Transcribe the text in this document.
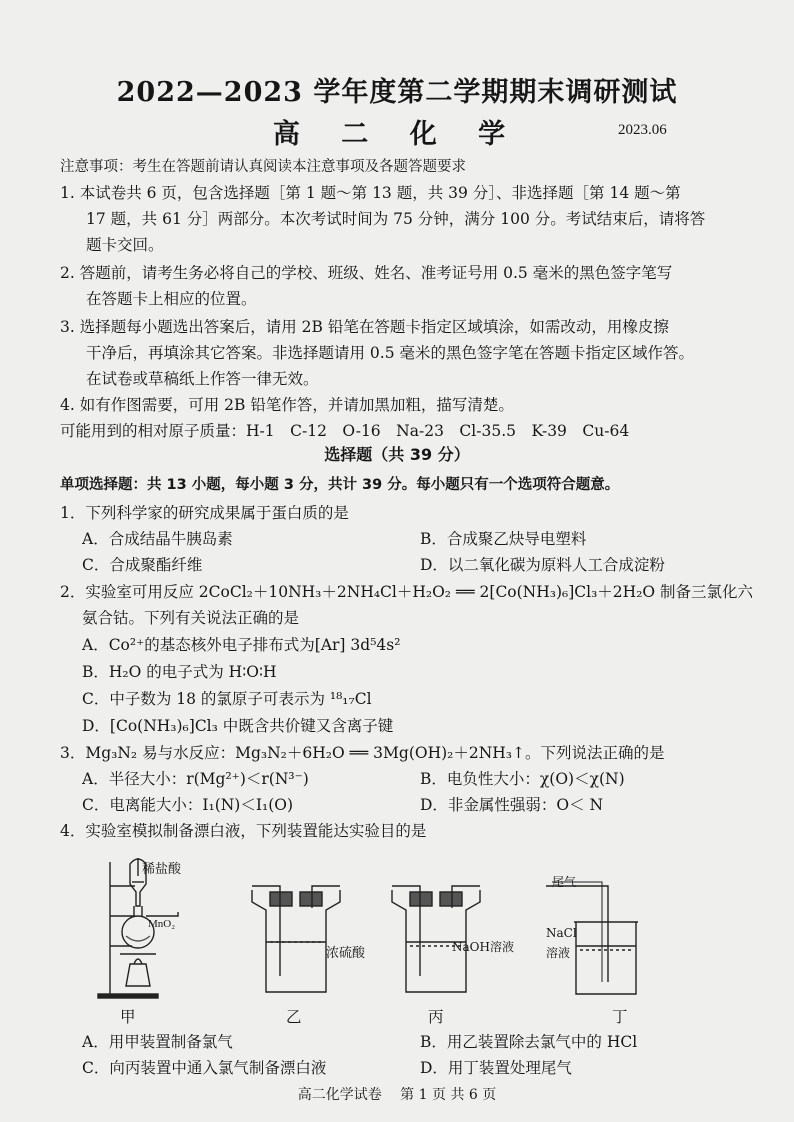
2022—2023 学年度第二学期期末调研测试
高 二 化 学	2023.06
注意事项：考生在答题前请认真阅读本注意事项及各题答题要求
1. 本试卷共 6 页，包含选择题［第 1 题～第 13 题，共 39 分］、非选择题［第 14 题～第
17 题，共 61 分］两部分。本次考试时间为 75 分钟，满分 100 分。考试结束后，请将答
题卡交回。
2. 答题前，请考生务必将自己的学校、班级、姓名、准考证号用 0.5 毫米的黑色签字笔写
在答题卡上相应的位置。
3. 选择题每小题选出答案后，请用 2B 铅笔在答题卡指定区域填涂，如需改动，用橡皮擦
干净后，再填涂其它答案。非选择题请用 0.5 毫米的黑色签字笔在答题卡指定区域作答。
在试卷或草稿纸上作答一律无效。
4. 如有作图需要，可用 2B 铅笔作答，并请加黑加粗，描写清楚。
可能用到的相对原子质量：H-1　C-12　O-16　Na-23　Cl-35.5　K-39　Cu-64
选择题（共 39 分）
单项选择题：共 13 小题，每小题 3 分，共计 39 分。每小题只有一个选项符合题意。
1．下列科学家的研究成果属于蛋白质的是
A．合成结晶牛胰岛素	B．合成聚乙炔导电塑料
C．合成聚酯纤维	D．以二氧化碳为原料人工合成淀粉
2．实验室可用反应 2CoCl₂＋10NH₃＋2NH₄Cl＋H₂O₂ ══ 2[Co(NH₃)₆]Cl₃＋2H₂O 制备三氯化六
氨合钴。下列有关说法正确的是
A．Co²⁺的基态核外电子排布式为[Ar] 3d⁵4s²
B．H₂O 的电子式为 H∶O∶H
C．中子数为 18 的氯原子可表示为 ¹⁸₁₇Cl
D．[Co(NH₃)₆]Cl₃ 中既含共价键又含离子键
3．Mg₃N₂ 易与水反应：Mg₃N₂＋6H₂O ══ 3Mg(OH)₂＋2NH₃↑。下列说法正确的是
A．半径大小：r(Mg²⁺)＜r(N³⁻)	B．电负性大小：χ(O)＜χ(N)
C．电离能大小：I₁(N)＜I₁(O)	D．非金属性强弱：O＜ N
4．实验室模拟制备漂白液，下列装置能达实验目的是
稀盐酸
MnO₂
浓硫酸	NaOH溶液
尾气
NaCl
溶液
甲	乙	丙	丁
A．用甲装置制备氯气	B．用乙装置除去氯气中的 HCl
C．向丙装置中通入氯气制备漂白液	D．用丁装置处理尾气
高二化学试卷　 第 1 页 共 6 页
